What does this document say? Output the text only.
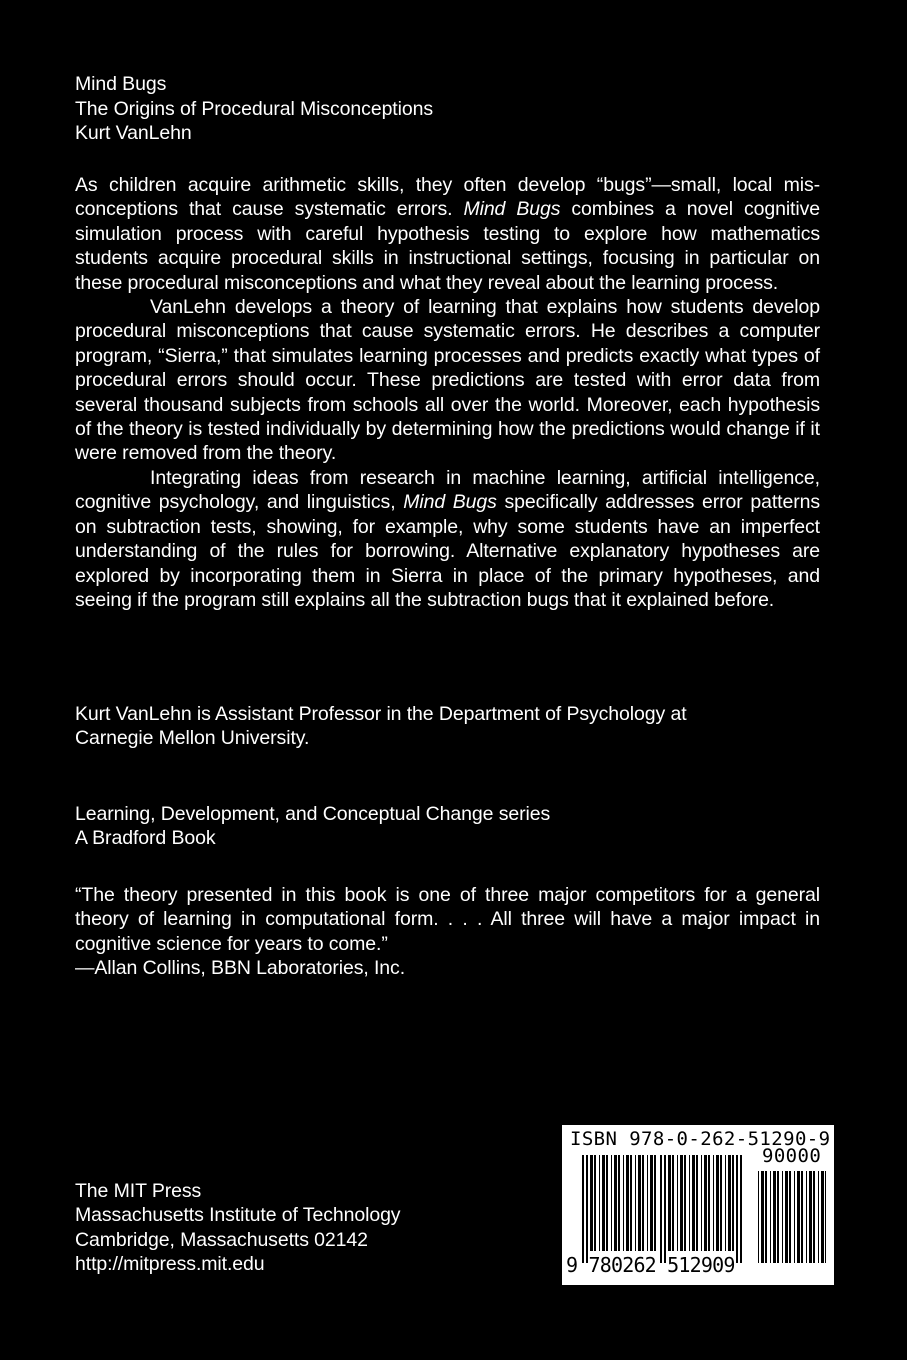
Mind Bugs
The Origins of Procedural Misconceptions
Kurt VanLehn

As children acquire arithmetic skills, they often develop “bugs”—small, local mis-conceptions that cause systematic errors. Mind Bugs combines a novel cognitive simulation process with careful hypothesis testing to explore how mathematics students acquire procedural skills in instructional settings, focusing in particular on these procedural misconceptions and what they reveal about the learning process.

VanLehn develops a theory of learning that explains how students develop procedural misconceptions that cause systematic errors. He describes a computer program, “Sierra,” that simulates learning processes and predicts exactly what types of procedural errors should occur. These predictions are tested with error data from several thousand subjects from schools all over the world. Moreover, each hypothesis of the theory is tested individually by determining how the predictions would change if it were removed from the theory.

Integrating ideas from research in machine learning, artificial intelligence, cognitive psychology, and linguistics, Mind Bugs specifically addresses error patterns on subtraction tests, showing, for example, why some students have an imperfect understanding of the rules for borrowing. Alternative explanatory hypotheses are explored by incorporating them in Sierra in place of the primary hypotheses, and seeing if the program still explains all the subtraction bugs that it explained before.

Kurt VanLehn is Assistant Professor in the Department of Psychology at
Carnegie Mellon University.
Learning, Development, and Conceptual Change series
A Bradford Book

“The theory presented in this book is one of three major competitors for a general theory of learning in computational form. . . . All three will have a major impact in cognitive science for years to come.”

—Allan Collins, BBN Laboratories, Inc.
The MIT Press
Massachusetts Institute of Technology
Cambridge, Massachusetts 02142
http://mitpress.mit.edu
ISBN 978-0-262-51290-9
90000
9 780262 512909
